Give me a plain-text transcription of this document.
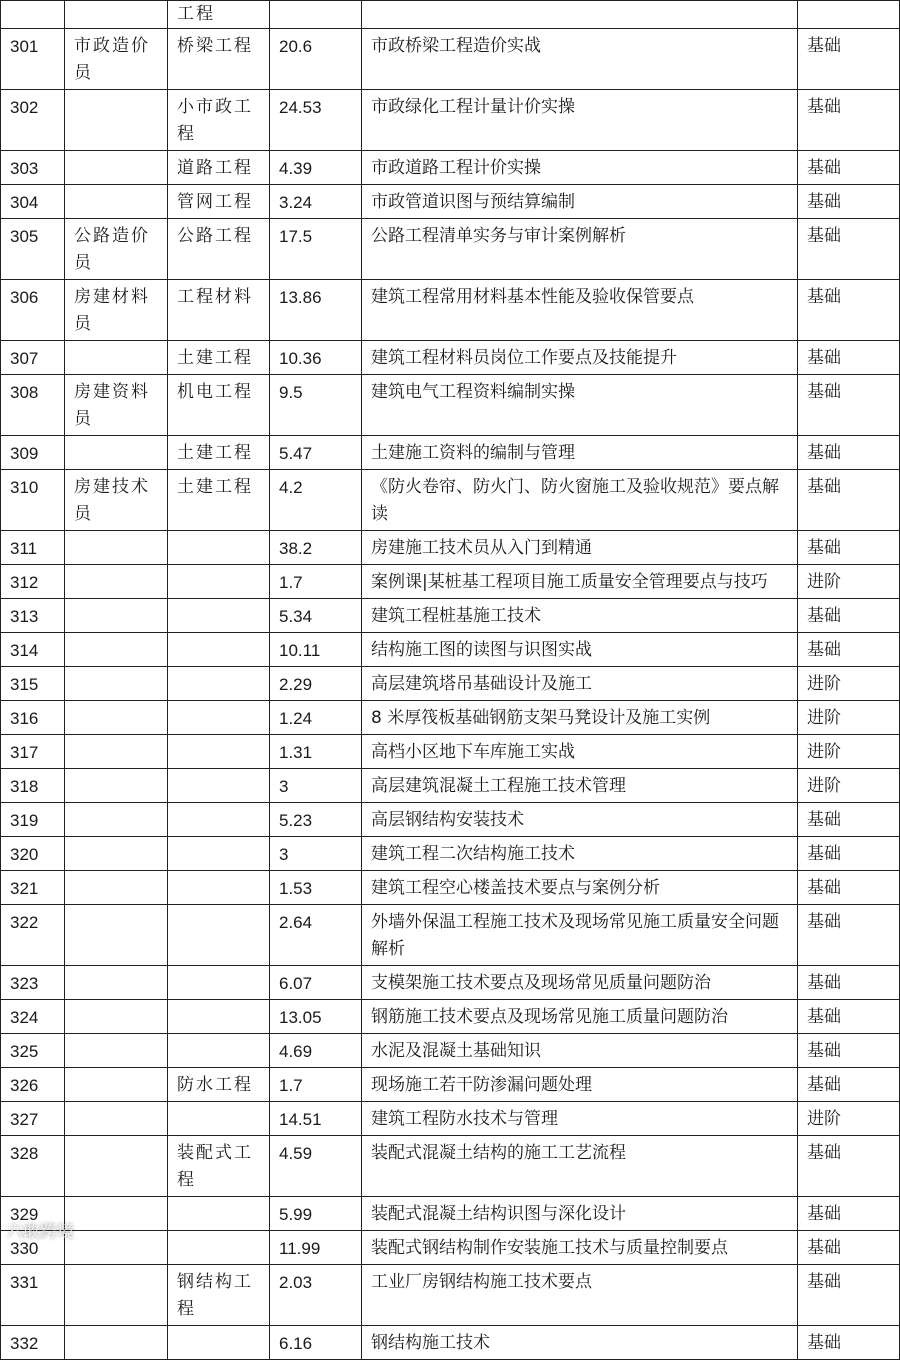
		工程			
301	市政造价员	桥梁工程	20.6	市政桥梁工程造价实战	基础
302		小市政工程	24.53	市政绿化工程计量计价实操	基础
303		道路工程	4.39	市政道路工程计价实操	基础
304		管网工程	3.24	市政管道识图与预结算编制	基础
305	公路造价员	公路工程	17.5	公路工程清单实务与审计案例解析	基础
306	房建材料员	工程材料	13.86	建筑工程常用材料基本性能及验收保管要点	基础
307		土建工程	10.36	建筑工程材料员岗位工作要点及技能提升	基础
308	房建资料员	机电工程	9.5	建筑电气工程资料编制实操	基础
309		土建工程	5.47	土建施工资料的编制与管理	基础
310	房建技术员	土建工程	4.2	《防火卷帘、防火门、防火窗施工及验收规范》要点解读	基础
311			38.2	房建施工技术员从入门到精通	基础
312			1.7	案例课|某桩基工程项目施工质量安全管理要点与技巧	进阶
313			5.34	建筑工程桩基施工技术	基础
314			10.11	结构施工图的读图与识图实战	基础
315			2.29	高层建筑塔吊基础设计及施工	进阶
316			1.24	8 米厚筏板基础钢筋支架马凳设计及施工实例	进阶
317			1.31	高档小区地下车库施工实战	进阶
318			3	高层建筑混凝土工程施工技术管理	进阶
319			5.23	高层钢结构安装技术	基础
320			3	建筑工程二次结构施工技术	基础
321			1.53	建筑工程空心楼盖技术要点与案例分析	基础
322			2.64	外墙外保温工程施工技术及现场常见施工质量安全问题解析	基础
323			6.07	支模架施工技术要点及现场常见质量问题防治	基础
324			13.05	钢筋施工技术要点及现场常见施工质量问题防治	基础
325			4.69	水泥及混凝土基础知识	基础
326		防水工程	1.7	现场施工若干防渗漏问题处理	基础
327			14.51	建筑工程防水技术与管理	进阶
328		装配式工程	4.59	装配式混凝土结构的施工工艺流程	基础
329			5.99	装配式混凝土结构识图与深化设计	基础
330			11.99	装配式钢结构制作安装施工技术与质量控制要点	基础
331		钢结构工程	2.03	工业厂房钢结构施工技术要点	基础
332			6.16	钢结构施工技术	基础
六敢跨境
